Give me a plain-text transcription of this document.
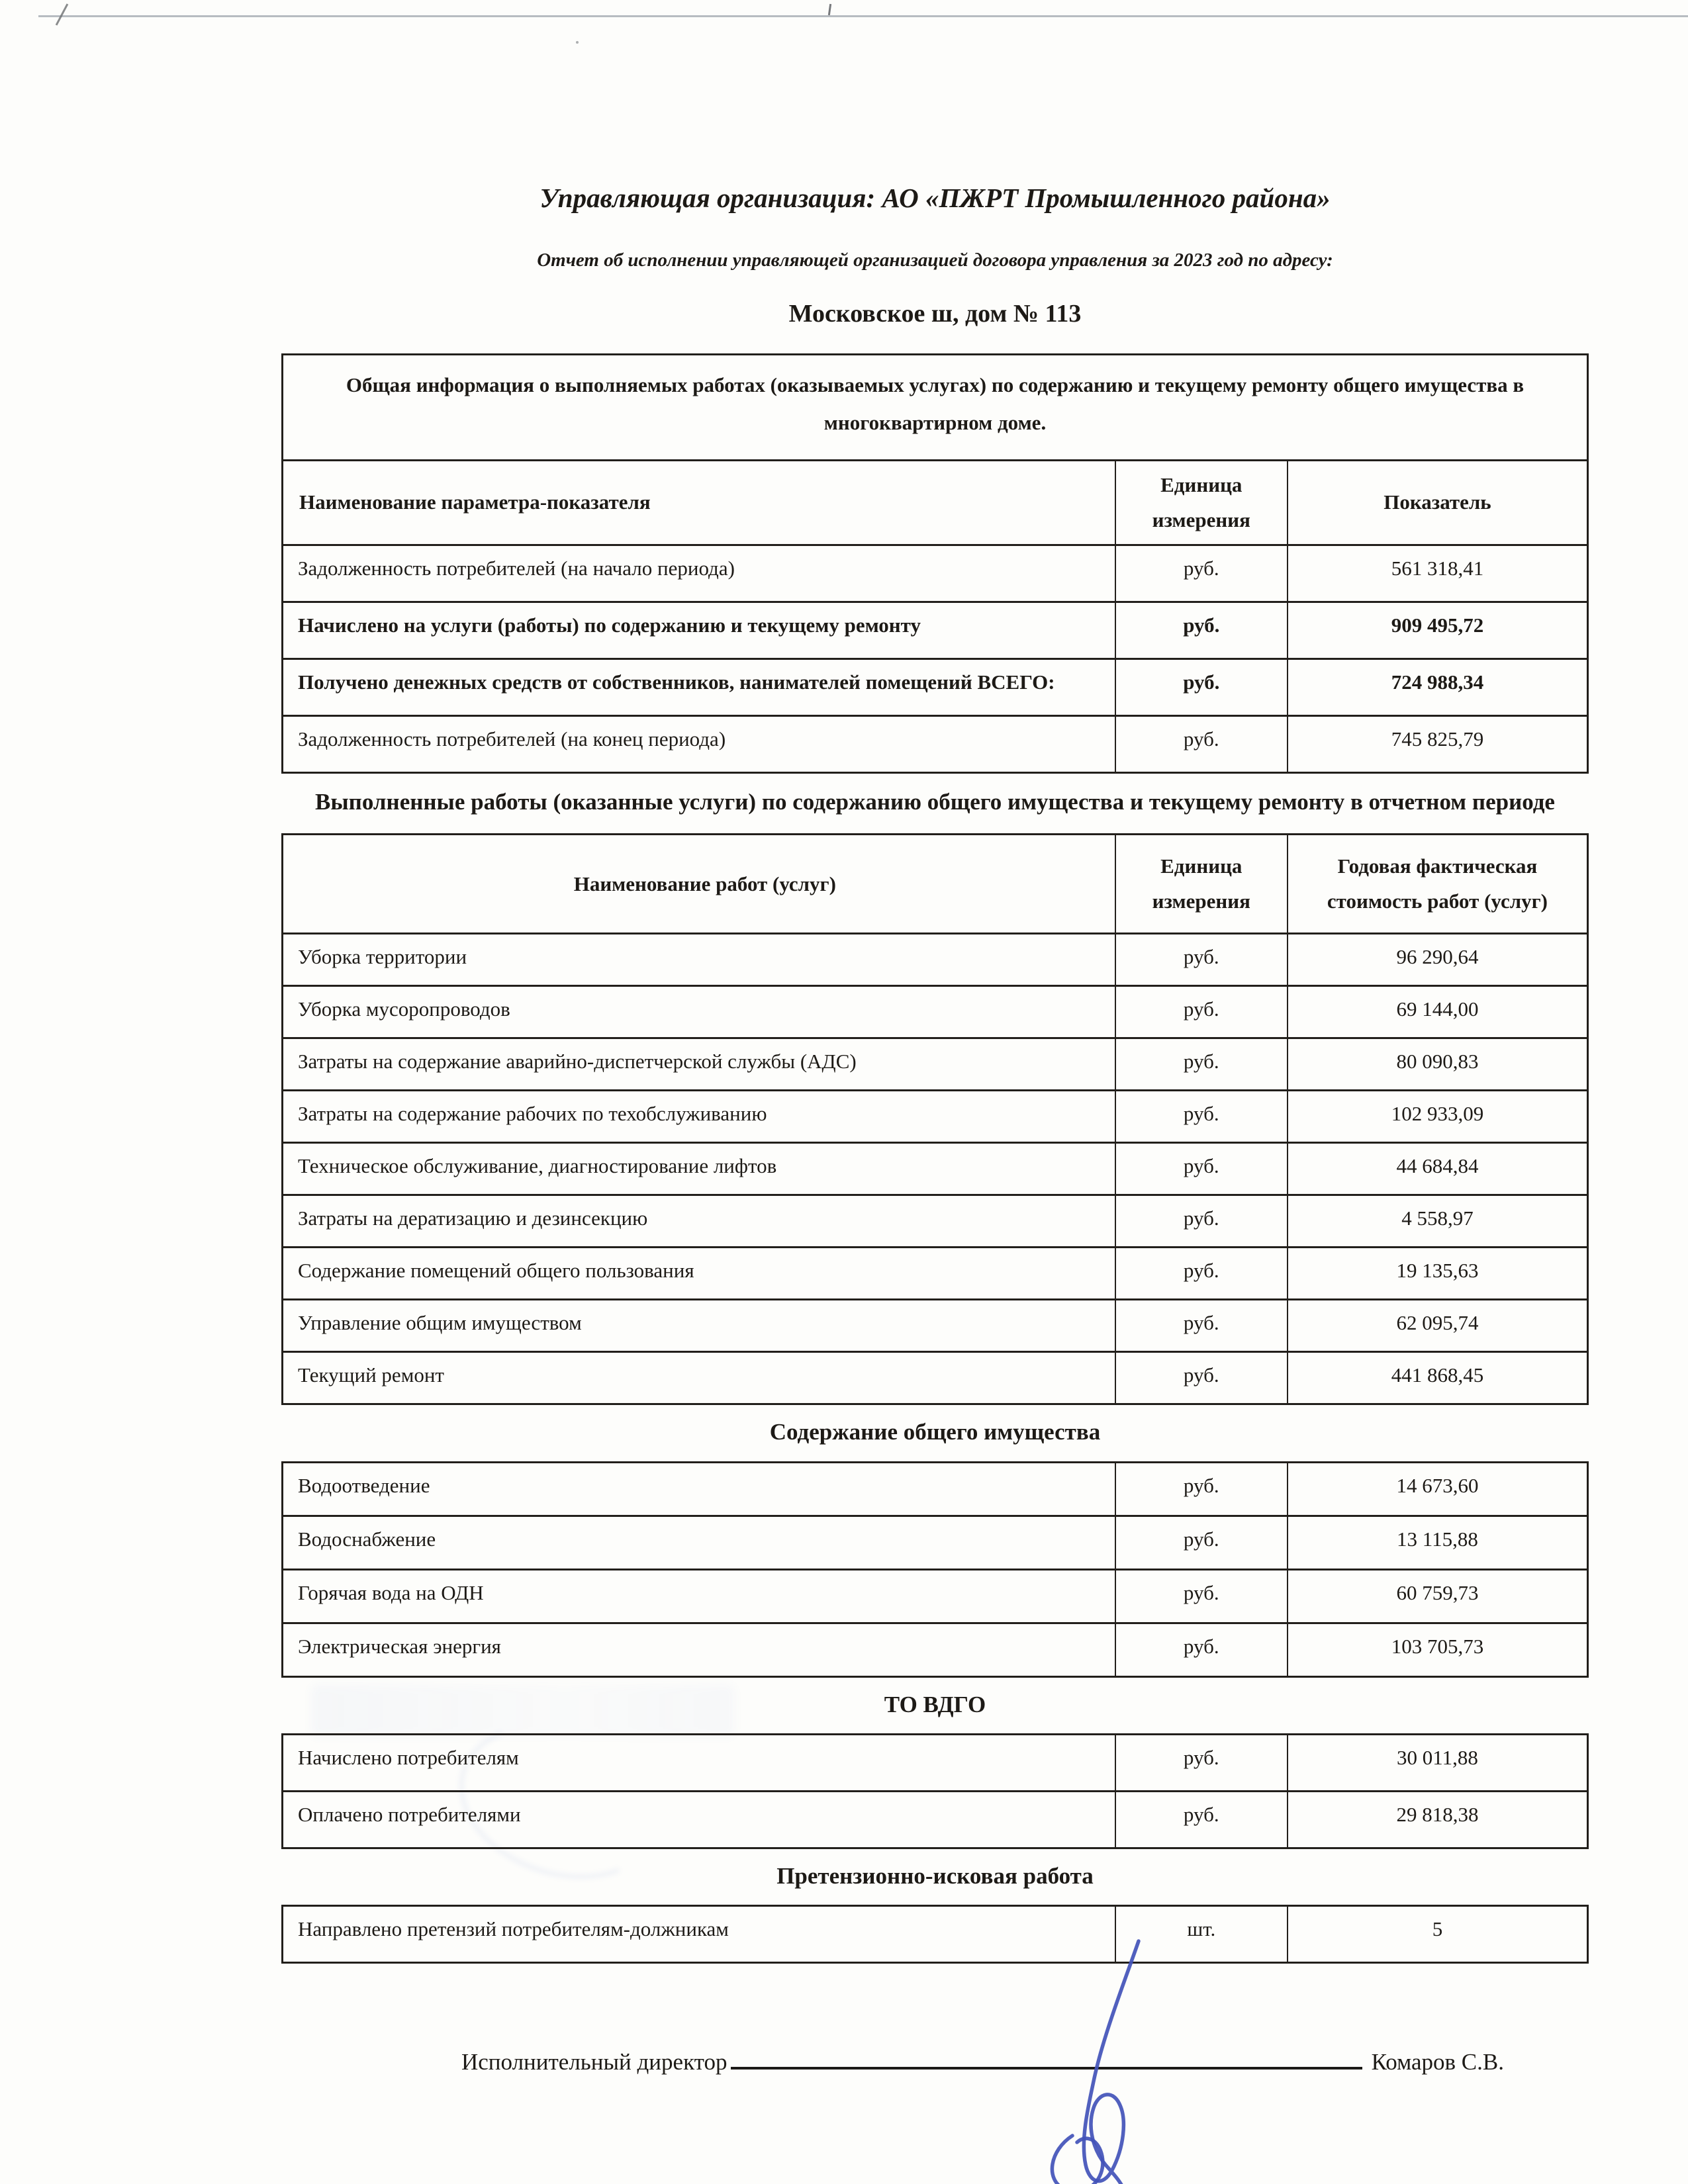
Управляющая организация: АО «ПЖРТ Промышленного района»
Отчет об исполнении управляющей организацией договора управления за 2023 год по адресу:
Московское ш, дом № 113
Общая информация о выполняемых работах (оказываемых услугах) по содержанию и текущему ремонту общего имущества в многоквартирном доме.		
Наименование параметра-показателя	Единица измерения	Показатель
Задолженность потребителей (на начало периода)	руб.	561 318,41
Начислено на услуги (работы) по содержанию и текущему ремонту	руб.	909 495,72
Получено денежных средств от собственников, нанимателей помещений ВСЕГО:	руб.	724 988,34
Задолженность потребителей (на конец периода)	руб.	745 825,79
Выполненные работы (оказанные услуги) по содержанию общего имущества и текущему ремонту в отчетном периоде
Наименование работ (услуг)	Единица измерения	Годовая фактическая стоимость работ (услуг)
Уборка территории	руб.	96 290,64
Уборка мусоропроводов	руб.	69 144,00
Затраты на содержание аварийно-диспетчерской службы (АДС)	руб.	80 090,83
Затраты на содержание рабочих по техобслуживанию	руб.	102 933,09
Техническое обслуживание, диагностирование лифтов	руб.	44 684,84
Затраты на дератизацию и дезинсекцию	руб.	4 558,97
Содержание помещений общего пользования	руб.	19 135,63
Управление общим имуществом	руб.	62 095,74
Текущий ремонт	руб.	441 868,45
Содержание общего имущества
Водоотведение	руб.	14 673,60
Водоснабжение	руб.	13 115,88
Горячая вода на ОДН	руб.	60 759,73
Электрическая энергия	руб.	103 705,73
ТО ВДГО
Начислено потребителям	руб.	30 011,88
Оплачено потребителями	руб.	29 818,38
Претензионно-исковая работа
Направлено претензий потребителям-должникам	шт.	5
Исполнительный директор	Комаров С.В.
